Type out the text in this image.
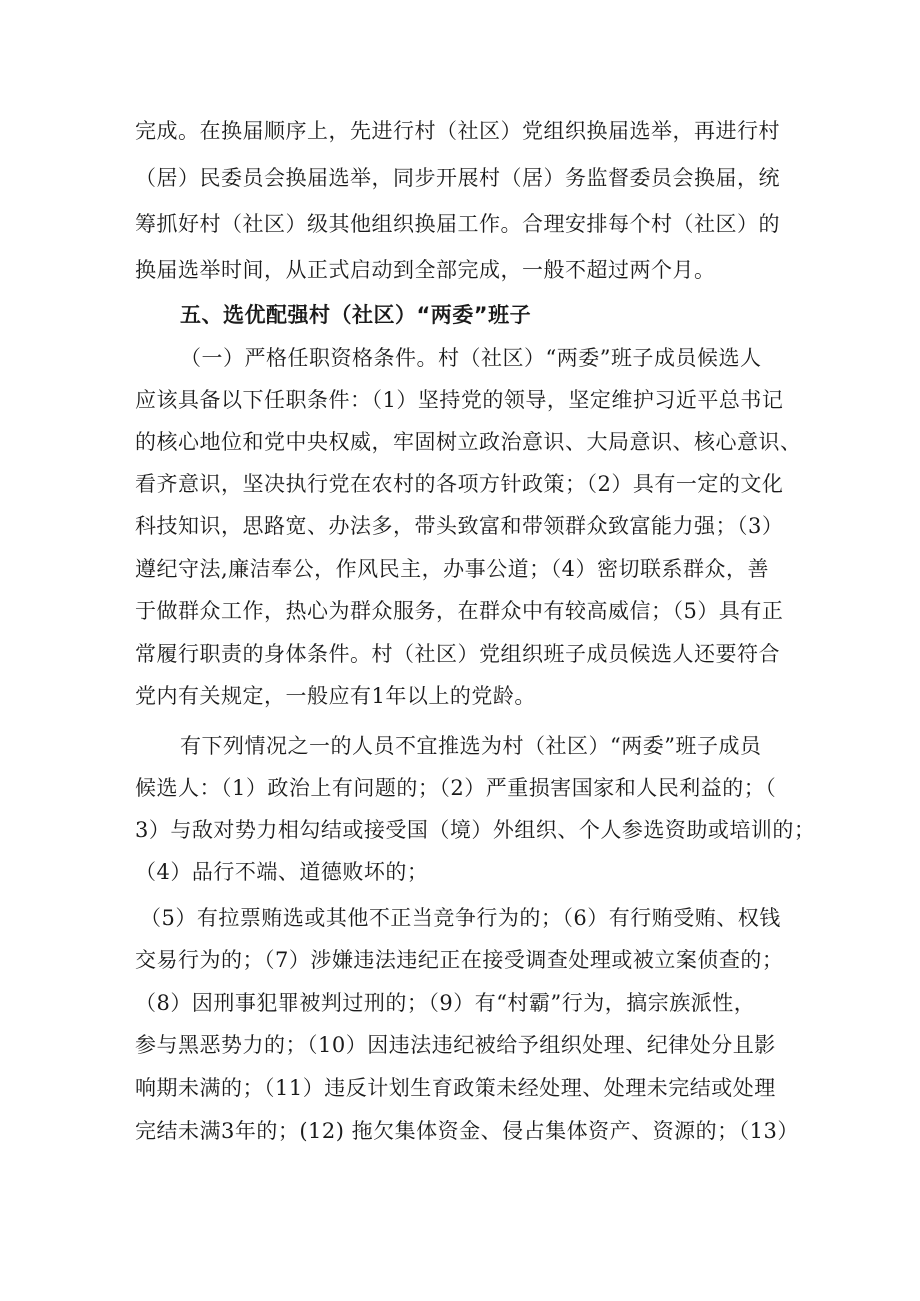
完成。在换届顺序上，先进行村（社区）党组织换届选举，再进行村
（居）民委员会换届选举，同步开展村（居）务监督委员会换届，统
筹抓好村（社区）级其他组织换届工作。合理安排每个村（社区）的
换届选举时间，从正式启动到全部完成，一般不超过两个月。
五、选优配强村（社区）“两委”班子
（一）严格任职资格条件。村（社区）“两委”班子成员候选人
应该具备以下任职条件：（1）坚持党的领导，坚定维护习近平总书记
的核心地位和党中央权威，牢固树立政治意识、大局意识、核心意识、
看齐意识，坚决执行党在农村的各项方针政策；（2）具有一定的文化
科技知识，思路宽、办法多，带头致富和带领群众致富能力强；（3）
遵纪守法,廉洁奉公，作风民主，办事公道；（4）密切联系群众，善
于做群众工作，热心为群众服务，在群众中有较高威信；（5）具有正
常履行职责的身体条件。村（社区）党组织班子成员候选人还要符合
党内有关规定，一般应有1年以上的党龄。
有下列情况之一的人员不宜推选为村（社区）“两委”班子成员
候选人：（1）政治上有问题的；（2）严重损害国家和人民利益的；（
3）与敌对势力相勾结或接受国（境）外组织、个人参选资助或培训的；
（4）品行不端、道德败坏的；
（5）有拉票贿选或其他不正当竞争行为的；（6）有行贿受贿、权钱
交易行为的；（7）涉嫌违法违纪正在接受调查处理或被立案侦查的；
（8）因刑事犯罪被判过刑的；（9）有“村霸”行为，搞宗族派性，
参与黑恶势力的；（10）因违法违纪被给予组织处理、纪律处分且影
响期未满的；（11）违反计划生育政策未经处理、处理未完结或处理
完结未满3年的；(12) 拖欠集体资金、侵占集体资产、资源的；（13）
